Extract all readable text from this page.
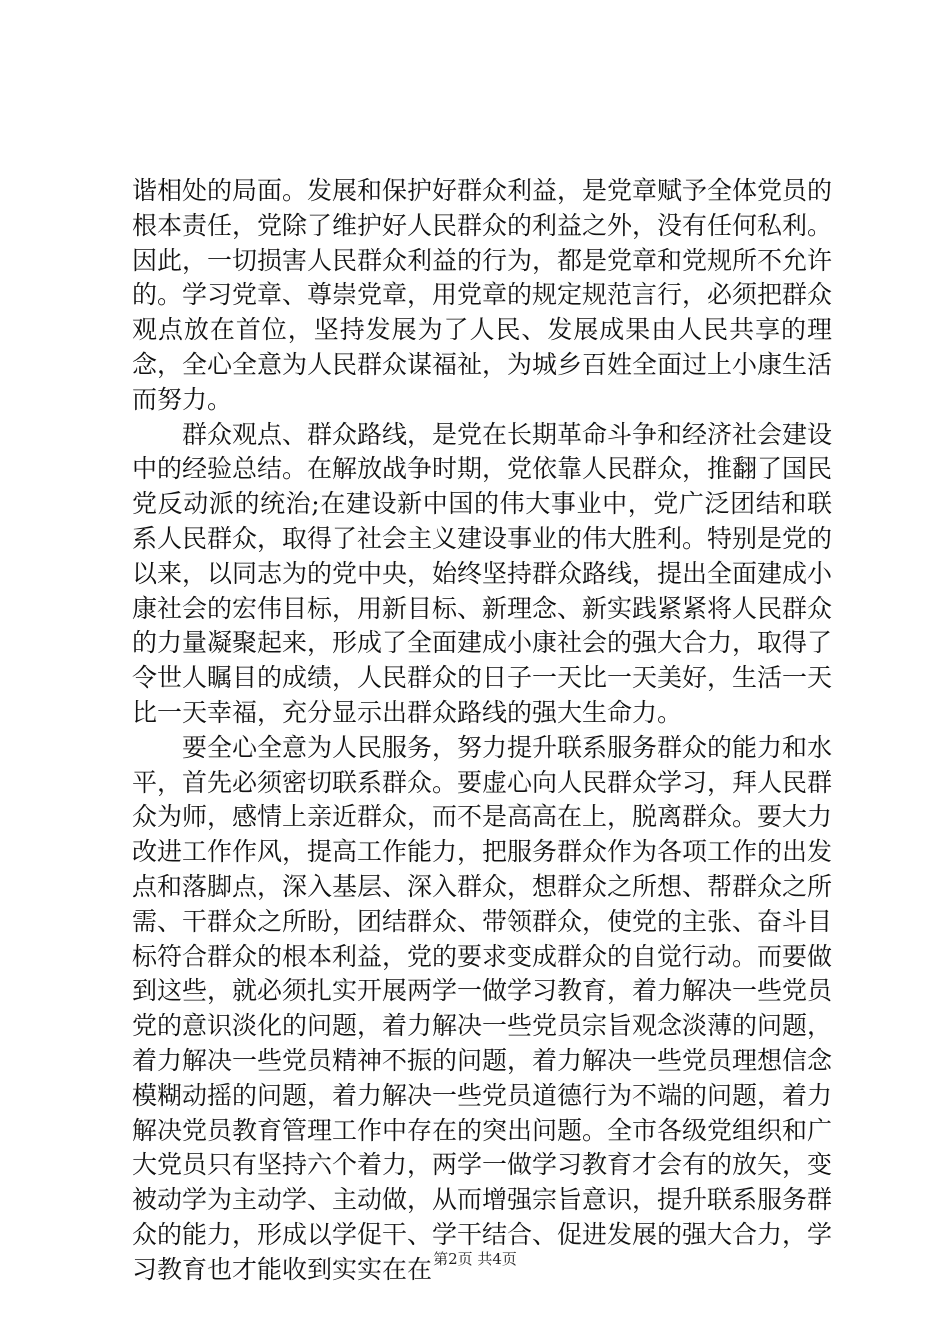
谐相处的局面。发展和保护好群众利益，是党章赋予全体党员的根本责任，党除了维护好人民群众的利益之外，没有任何私利。因此，一切损害人民群众利益的行为，都是党章和党规所不允许的。学习党章、尊崇党章，用党章的规定规范言行，必须把群众观点放在首位，坚持发展为了人民、发展成果由人民共享的理念，全心全意为人民群众谋福祉，为城乡百姓全面过上小康生活而努力。

群众观点、群众路线，是党在长期革命斗争和经济社会建设中的经验总结。在解放战争时期，党依靠人民群众，推翻了国民党反动派的统治;在建设新中国的伟大事业中，党广泛团结和联系人民群众，取得了社会主义建设事业的伟大胜利。特别是党的以来，以同志为的党中央，始终坚持群众路线，提出全面建成小康社会的宏伟目标，用新目标、新理念、新实践紧紧将人民群众的力量凝聚起来，形成了全面建成小康社会的强大合力，取得了令世人瞩目的成绩，人民群众的日子一天比一天美好，生活一天比一天幸福，充分显示出群众路线的强大生命力。

要全心全意为人民服务，努力提升联系服务群众的能力和水平，首先必须密切联系群众。要虚心向人民群众学习，拜人民群众为师，感情上亲近群众，而不是高高在上，脱离群众。要大力改进工作作风，提高工作能力，把服务群众作为各项工作的出发点和落脚点，深入基层、深入群众，想群众之所想、帮群众之所需、干群众之所盼，团结群众、带领群众，使党的主张、奋斗目标符合群众的根本利益，党的要求变成群众的自觉行动。而要做到这些，就必须扎实开展两学一做学习教育，着力解决一些党员党的意识淡化的问题，着力解决一些党员宗旨观念淡薄的问题，着力解决一些党员精神不振的问题，着力解决一些党员理想信念模糊动摇的问题，着力解决一些党员道德行为不端的问题，着力解决党员教育管理工作中存在的突出问题。全市各级党组织和广大党员只有坚持六个着力，两学一做学习教育才会有的放矢，变被动学为主动学、主动做，从而增强宗旨意识，提升联系服务群众的能力，形成以学促干、学干结合、促进发展的强大合力，学习教育也才能收到实实在在 第2页 共4页
